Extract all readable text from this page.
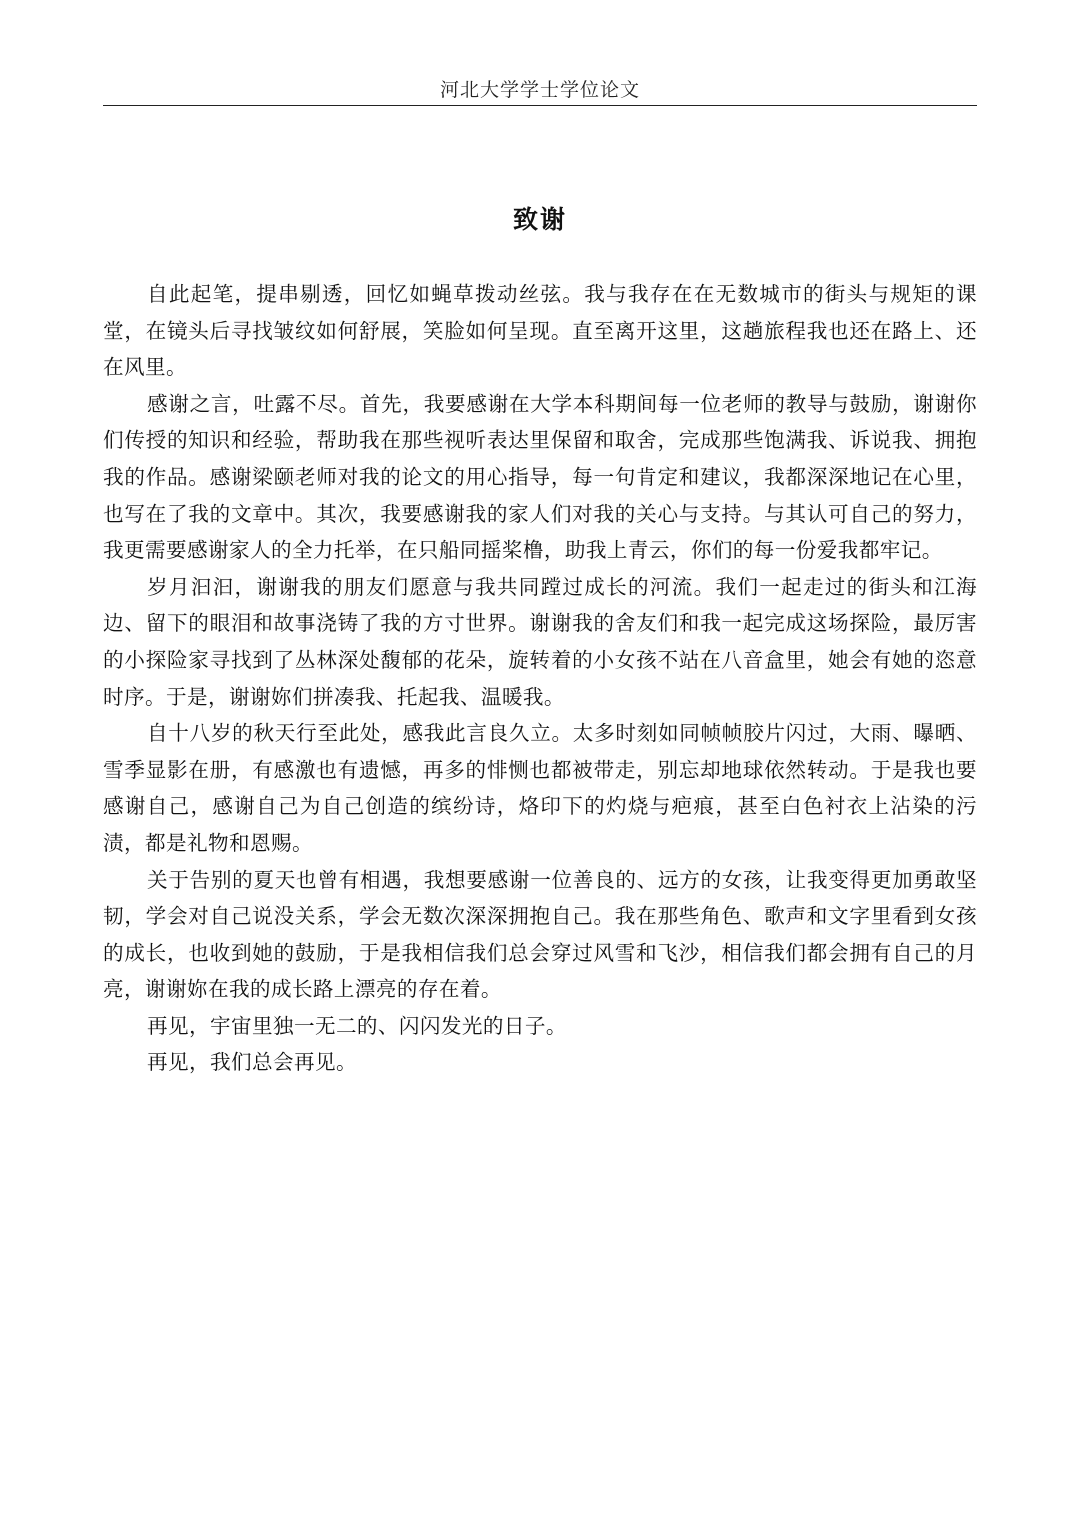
河北大学学士学位论文
致谢

自此起笔，提串剔透，回忆如蝇草拨动丝弦。我与我存在在无数城市的街头与规矩的课堂，在镜头后寻找皱纹如何舒展，笑脸如何呈现。直至离开这里，这趟旅程我也还在路上、还在风里。

感谢之言，吐露不尽。首先，我要感谢在大学本科期间每一位老师的教导与鼓励，谢谢你们传授的知识和经验，帮助我在那些视听表达里保留和取舍，完成那些饱满我、诉说我、拥抱我的作品。感谢梁颐老师对我的论文的用心指导，每一句肯定和建议，我都深深地记在心里，也写在了我的文章中。其次，我要感谢我的家人们对我的关心与支持。与其认可自己的努力，我更需要感谢家人的全力托举，在只船同摇桨橹，助我上青云，你们的每一份爱我都牢记。

岁月汩汩，谢谢我的朋友们愿意与我共同蹚过成长的河流。我们一起走过的街头和江海边、留下的眼泪和故事浇铸了我的方寸世界。谢谢我的舍友们和我一起完成这场探险，最厉害的小探险家寻找到了丛林深处馥郁的花朵，旋转着的小女孩不站在八音盒里，她会有她的恣意时序。于是，谢谢妳们拼凑我、托起我、温暖我。

自十八岁的秋天行至此处，感我此言良久立。太多时刻如同帧帧胶片闪过，大雨、曝晒、雪季显影在册，有感激也有遗憾，再多的悱恻也都被带走，别忘却地球依然转动。于是我也要感谢自己，感谢自己为自己创造的缤纷诗，烙印下的灼烧与疤痕，甚至白色衬衣上沾染的污渍，都是礼物和恩赐。

关于告别的夏天也曾有相遇，我想要感谢一位善良的、远方的女孩，让我变得更加勇敢坚韧，学会对自己说没关系，学会无数次深深拥抱自己。我在那些角色、歌声和文字里看到女孩的成长，也收到她的鼓励，于是我相信我们总会穿过风雪和飞沙，相信我们都会拥有自己的月亮，谢谢妳在我的成长路上漂亮的存在着。

再见，宇宙里独一无二的、闪闪发光的日子。

再见，我们总会再见。
